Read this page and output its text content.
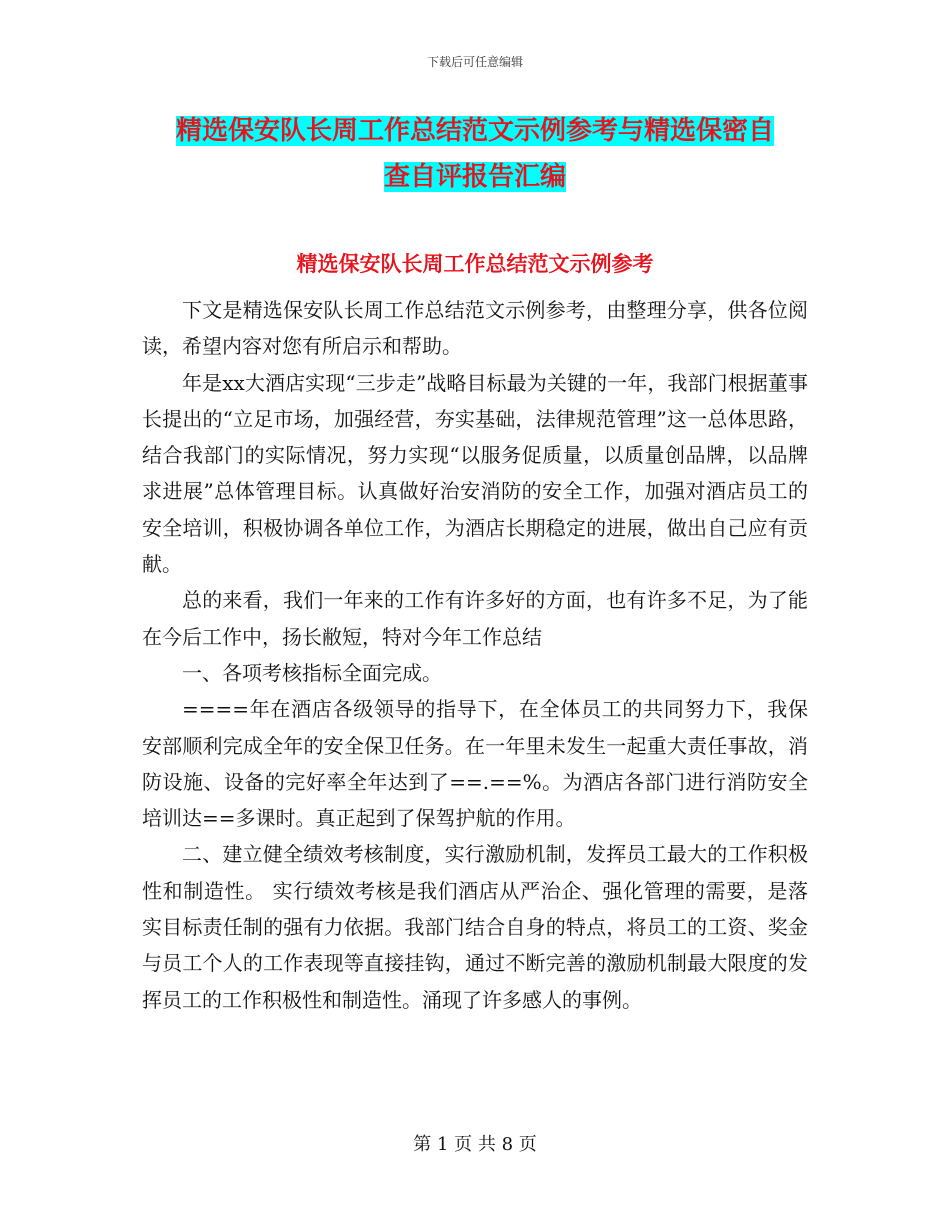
下载后可任意编辑
精选保安队长周工作总结范文示例参考与精选保密自
查自评报告汇编
精选保安队长周工作总结范文示例参考

下文是精选保安队长周工作总结范文示例参考，由整理分享，供各位阅读，希望内容对您有所启示和帮助。

年是xx大酒店实现“三步走”战略目标最为关键的一年，我部门根据董事长提出的“立足市场，加强经营，夯实基础，法律规范管理”这一总体思路，结合我部门的实际情况，努力实现“以服务促质量，以质量创品牌，以品牌求进展”总体管理目标。认真做好治安消防的安全工作，加强对酒店员工的安全培训，积极协调各单位工作，为酒店长期稳定的进展，做出自己应有贡献。

总的来看，我们一年来的工作有许多好的方面，也有许多不足，为了能在今后工作中，扬长敝短，特对今年工作总结

一、各项考核指标全面完成。

====年在酒店各级领导的指导下，在全体员工的共同努力下，我保安部顺利完成全年的安全保卫任务。在一年里未发生一起重大责任事故，消防设施、设备的完好率全年达到了==.==%。为酒店各部门进行消防安全培训达==多课时。真正起到了保驾护航的作用。

二、建立健全绩效考核制度，实行激励机制，发挥员工最大的工作积极性和制造性。 实行绩效考核是我们酒店从严治企、强化管理的需要，是落实目标责任制的强有力依据。我部门结合自身的特点，将员工的工资、奖金与员工个人的工作表现等直接挂钩，通过不断完善的激励机制最大限度的发挥员工的工作积极性和制造性。涌现了许多感人的事例。

第 1 页 共 8 页
